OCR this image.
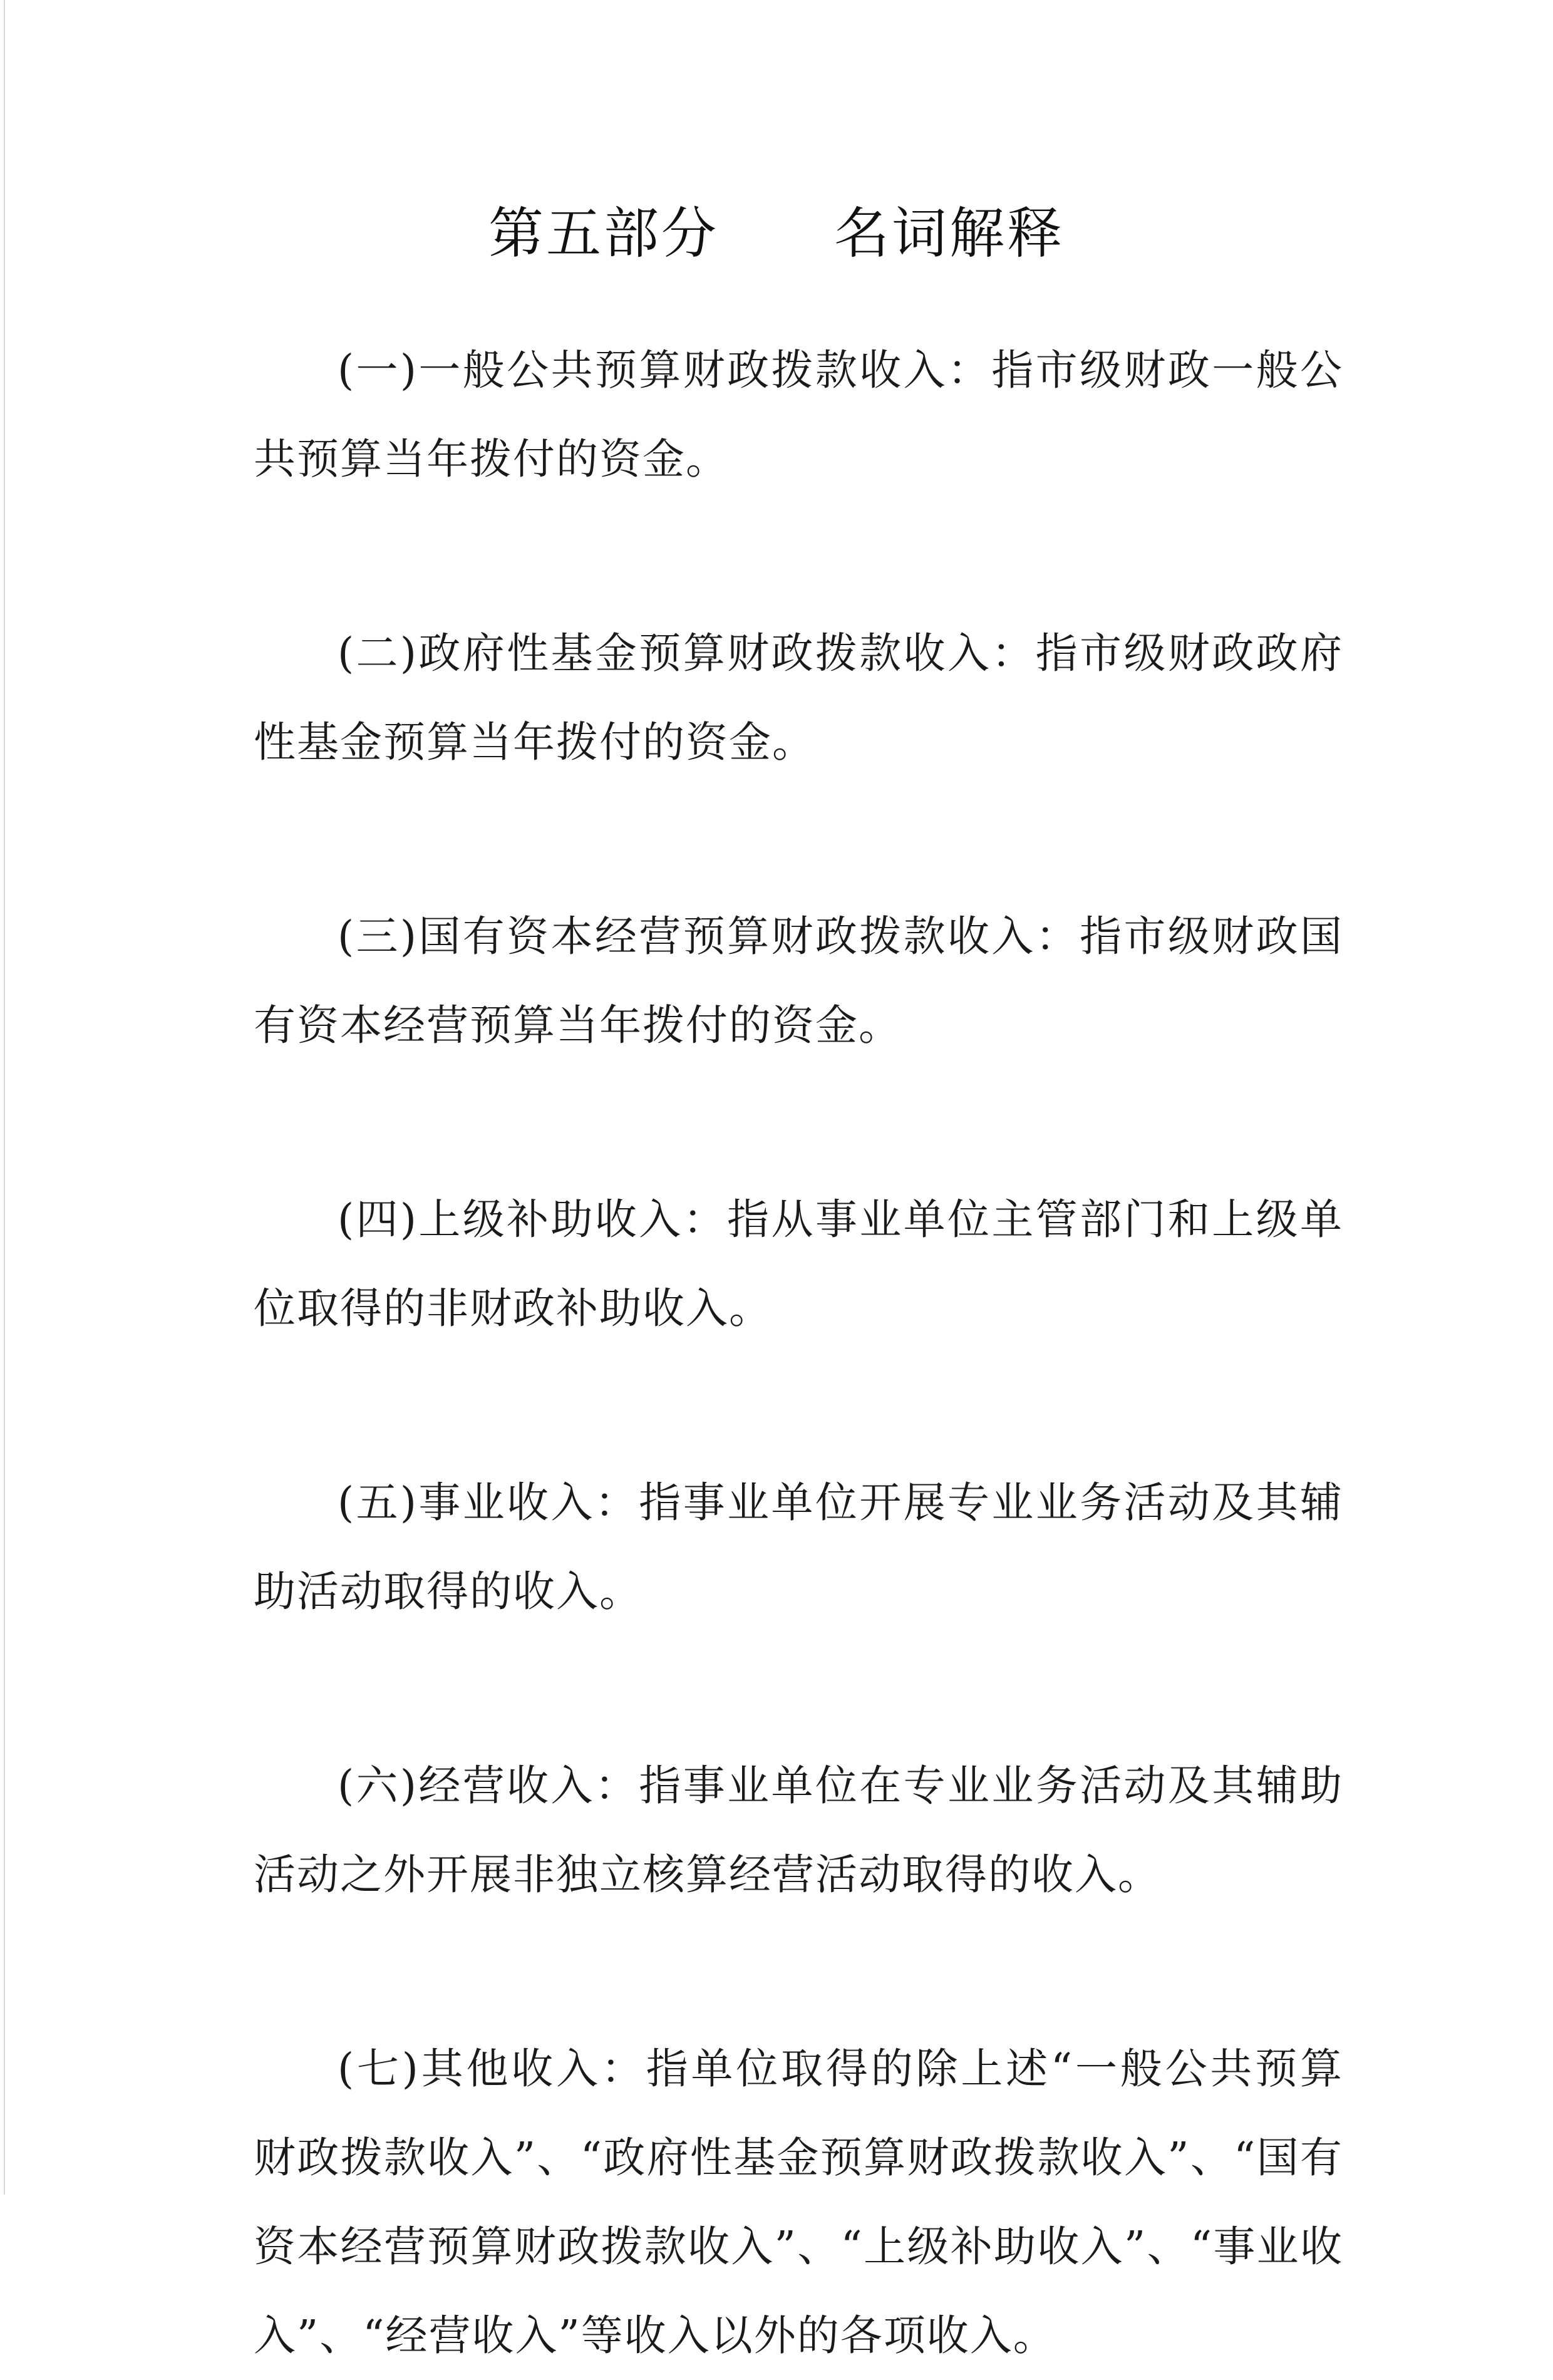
第五部分　　名词解释

(一)一般公共预算财政拨款收入：指市级财政一般公共预算当年拨付的资金。

(二)政府性基金预算财政拨款收入：指市级财政政府性基金预算当年拨付的资金。

(三)国有资本经营预算财政拨款收入：指市级财政国有资本经营预算当年拨付的资金。

(四)上级补助收入：指从事业单位主管部门和上级单位取得的非财政补助收入。

(五)事业收入：指事业单位开展专业业务活动及其辅助活动取得的收入。

(六)经营收入：指事业单位在专业业务活动及其辅助活动之外开展非独立核算经营活动取得的收入。

(七)其他收入：指单位取得的除上述“一般公共预算财政拨款收入”、“政府性基金预算财政拨款收入”、“国有资本经营预算财政拨款收入”、“上级补助收入”、“事业收入”、“经营收入”等收入以外的各项收入。
